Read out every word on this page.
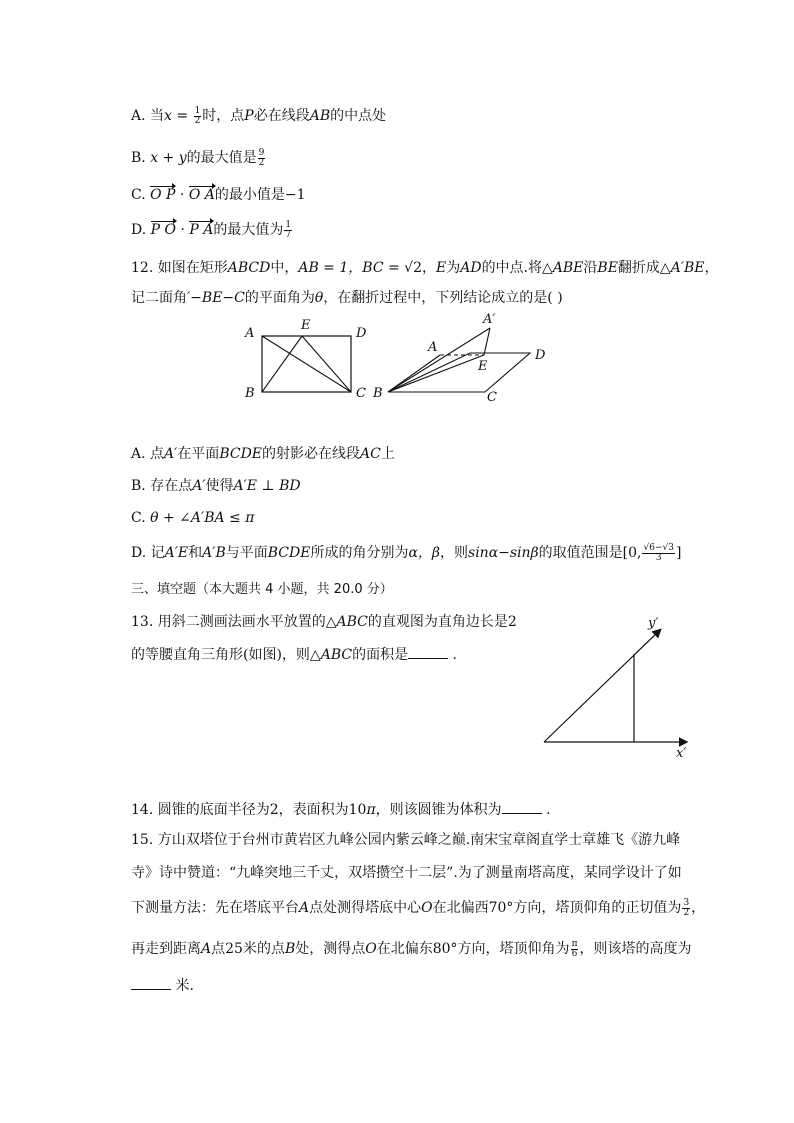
A. 当$x = \frac{1}{2}$ 时，点P必在线段AB的中点处
B. x + y的最大值是 $\frac{9}{2}$
C. O P · O A的最小值是−1
D. P O · P A的最大值为 $\frac{1}{7}$
12. 如图在矩形ABCD中，AB = 1，BC = √2，E为AD的中点.将△ABE沿BE翻折成△A′BE，
记二面角′−BE−C的平面角为θ，在翻折过程中，下列结论成立的是( )
A
E
D
B	C
A′
A
E
D
B	C
A. 点A′在平面BCDE的射影必在线段AC上
B. 存在点A′使得A′E ⊥ BD
C. θ + ∠A′BA ≤ π
D. 记A′E和A′B与平面BCDE所成的角分别为α，β，则sinα−sinβ的取值范围是[0, $\frac{√6-√3}{3}$ ]
三、填空题（本大题共 4 小题，共 20.0 分）
13. 用斜二测画法画水平放置的△ABC的直观图为直角边长是2
的等腰直角三角形(如图)，则△ABC的面积是	.
y′
x′
14. 圆锥的底面半径为2，表面积为10π，则该圆锥为体积为	.
15. 方山双塔位于台州市黄岩区九峰公园内紫云峰之巅.南宋宝章阁直学士章雄飞《游九峰
寺》诗中赞道：“九峰突地三千丈，双塔攒空十二层”.为了测量南塔高度，某同学设计了如
下测量方法：先在塔底平台A点处测得塔底中心O在北偏西70°方向，塔顶仰角的正切值为 $\frac{3}{2}$ ，
再走到距离A点25米的点B处，测得点O在北偏东80°方向，塔顶仰角为 $\frac{\pi}{6}$ ，则该塔的高度为
米.
